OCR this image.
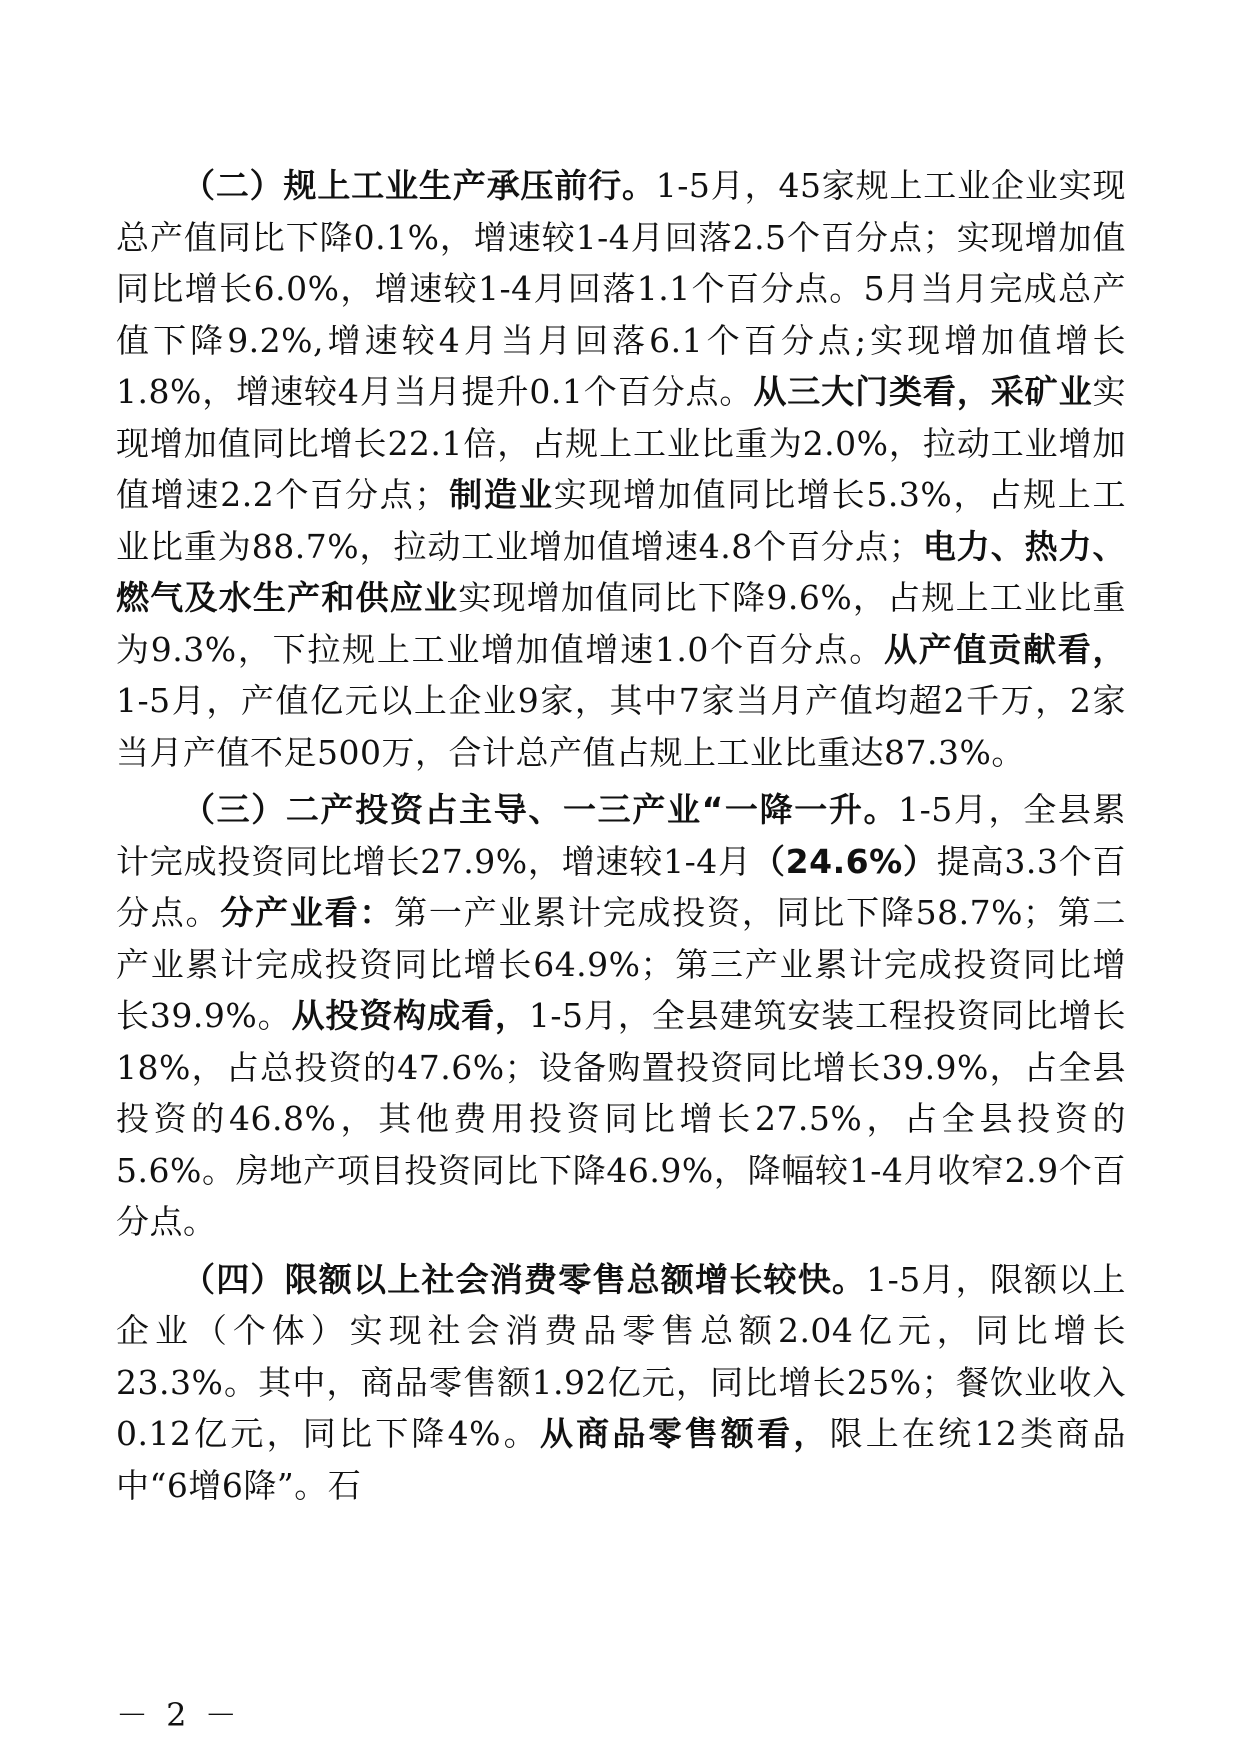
（二）规上工业生产承压前行。1-5月，45家规上工业企业实现总产值同比下降0.1%，增速较1-4月回落2.5个百分点；实现增加值同比增长6.0%，增速较1-4月回落1.1个百分点。5月当月完成总产值下降9.2%,增速较4月当月回落6.1个百分点;实现增加值增长1.8%，增速较4月当月提升0.1个百分点。从三大门类看，采矿业实现增加值同比增长22.1倍，占规上工业比重为2.0%，拉动工业增加值增速2.2个百分点；制造业实现增加值同比增长5.3%，占规上工业比重为88.7%，拉动工业增加值增速4.8个百分点；电力、热力、燃气及水生产和供应业实现增加值同比下降9.6%，占规上工业比重为9.3%，下拉规上工业增加值增速1.0个百分点。从产值贡献看，1-5月，产值亿元以上企业9家，其中7家当月产值均超2千万，2家当月产值不足500万，合计总产值占规上工业比重达87.3%。

（三）二产投资占主导、一三产业“一降一升。1-5月，全县累计完成投资同比增长27.9%，增速较1-4月（24.6%）提高3.3个百分点。分产业看：第一产业累计完成投资，同比下降58.7%；第二产业累计完成投资同比增长64.9%；第三产业累计完成投资同比增长39.9%。从投资构成看，1-5月，全县建筑安装工程投资同比增长18%，占总投资的47.6%；设备购置投资同比增长39.9%，占全县投资的46.8%，其他费用投资同比增长27.5%，占全县投资的5.6%。房地产项目投资同比下降46.9%，降幅较1-4月收窄2.9个百分点。

（四）限额以上社会消费零售总额增长较快。1-5月，限额以上企业（个体）实现社会消费品零售总额2.04亿元，同比增长23.3%。其中，商品零售额1.92亿元，同比增长25%；餐饮业收入0.12亿元，同比下降4%。从商品零售额看，限上在统12类商品中“6增6降”。石

－ 2 －
